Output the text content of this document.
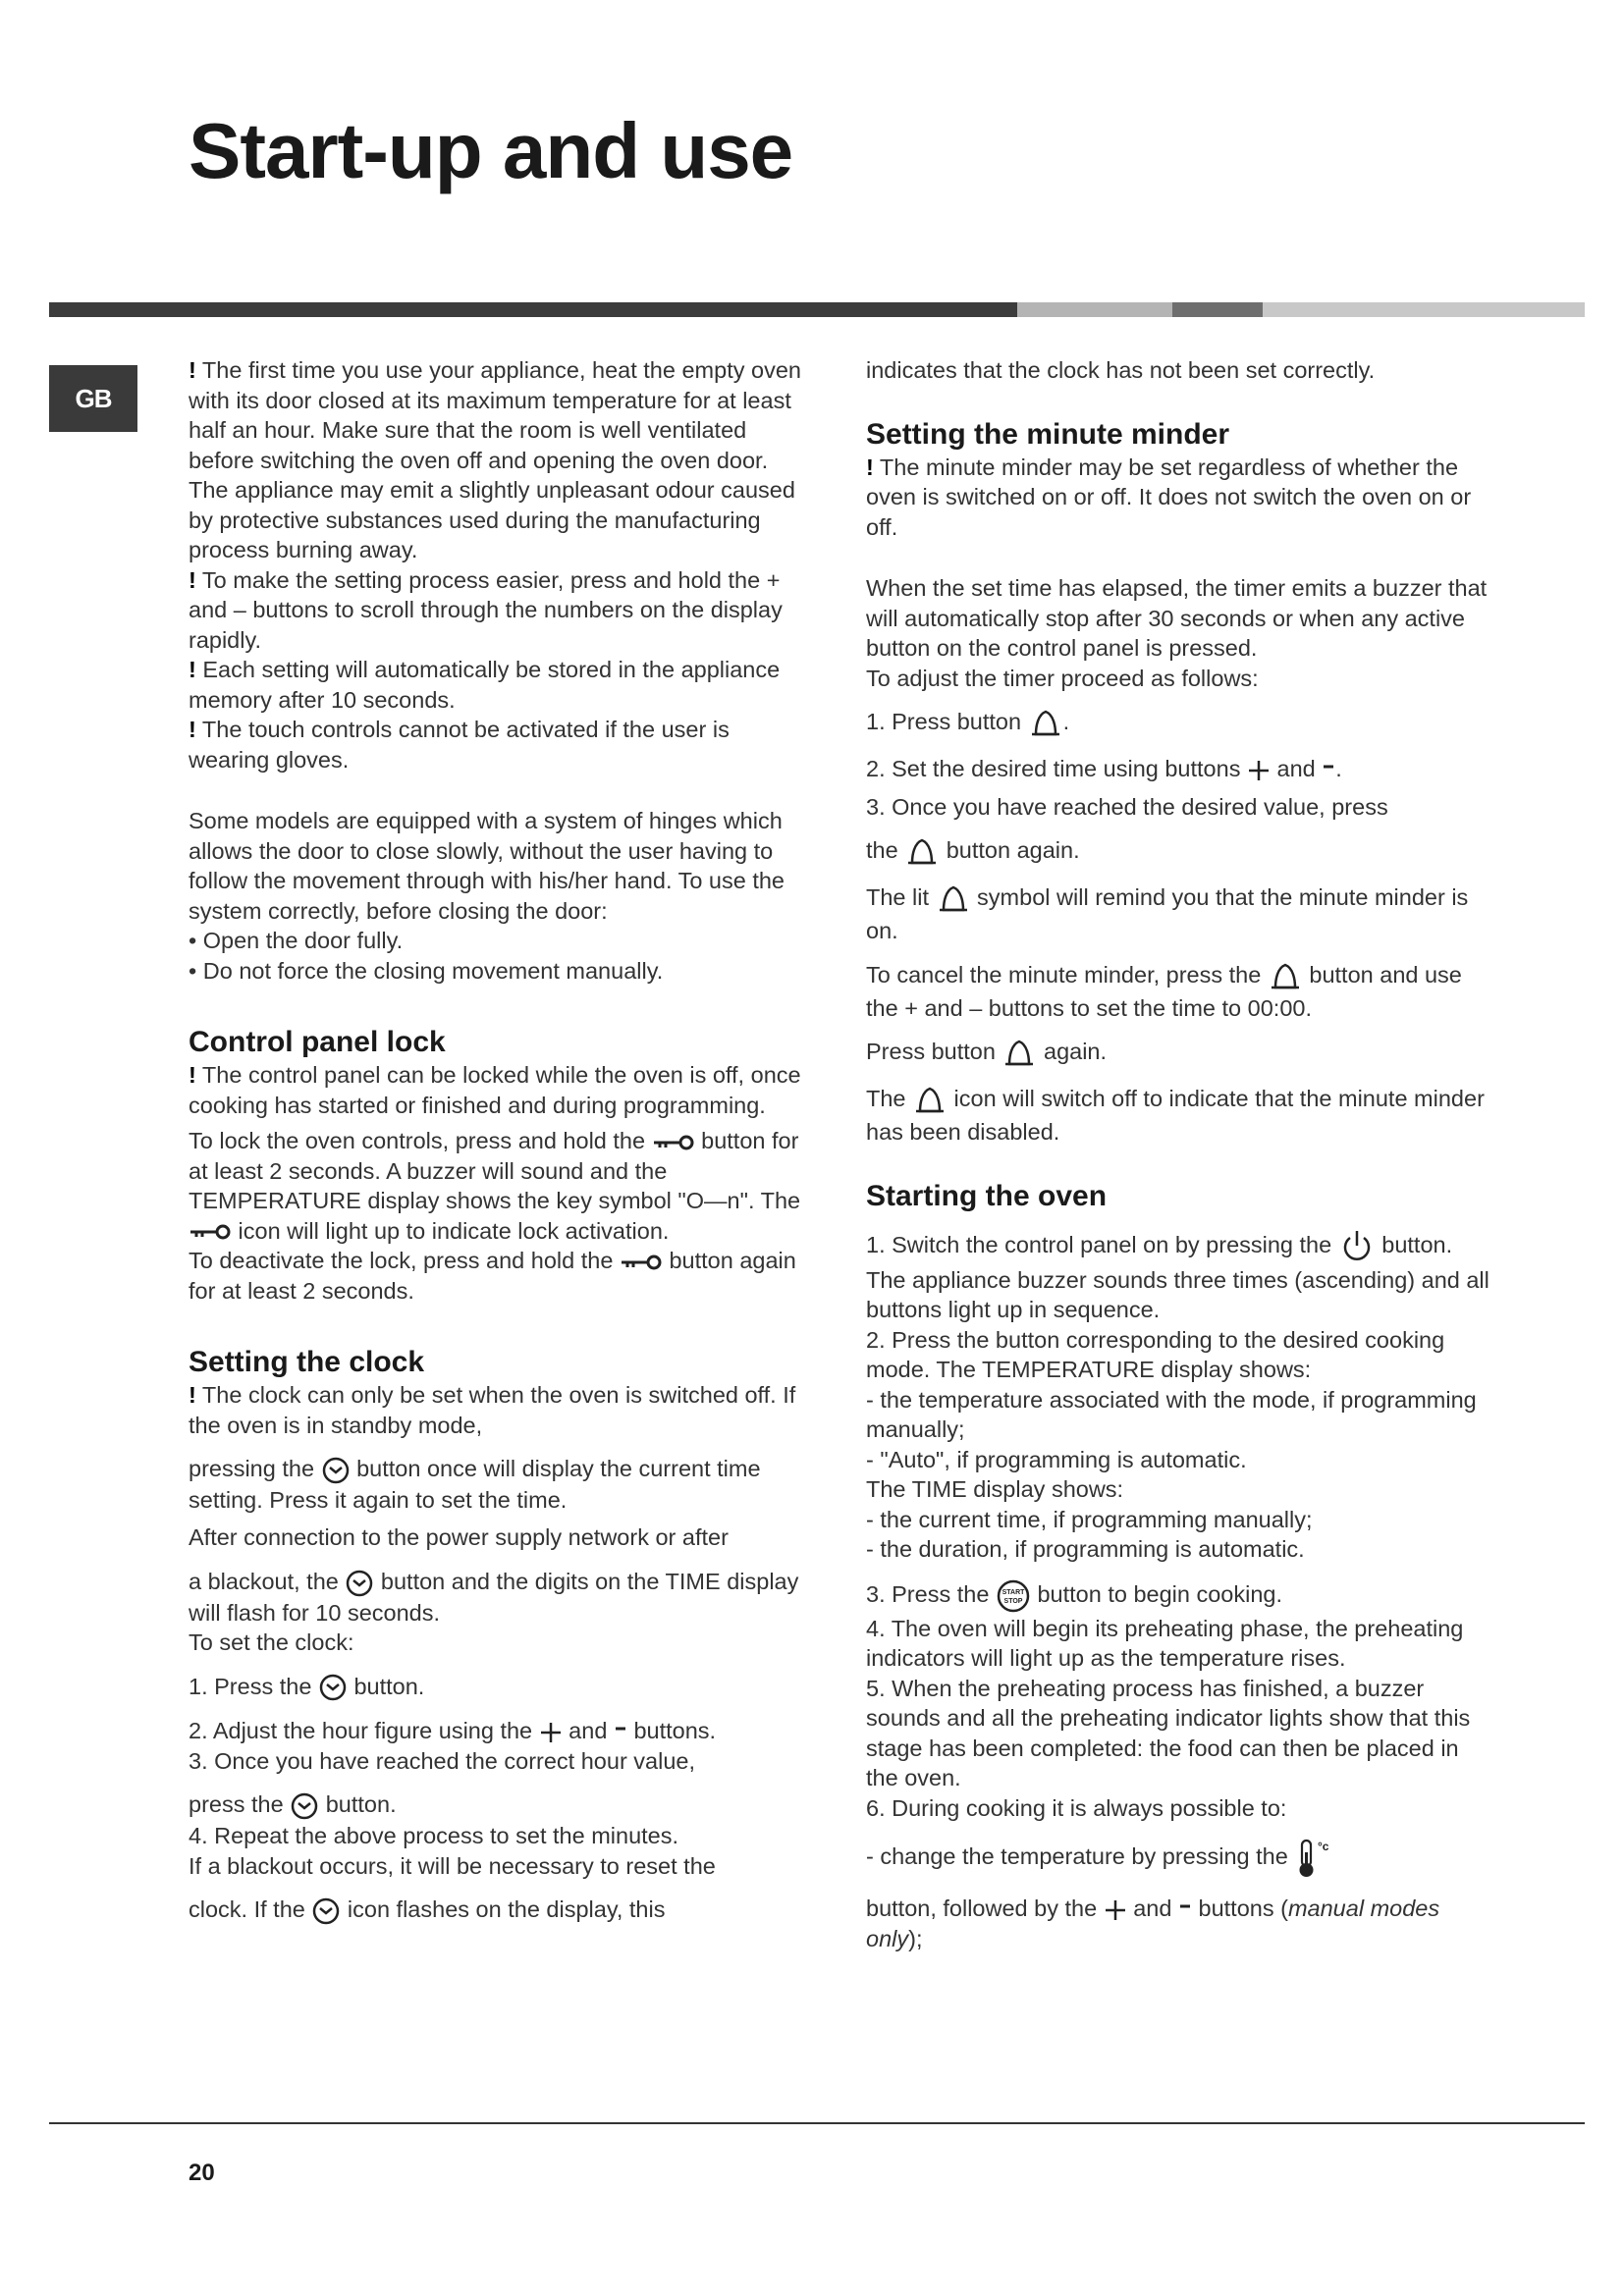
Start-up and use
GB

! The first time you use your appliance, heat the empty oven with its door closed at its maximum temperature for at least half an hour. Make sure that the room is well ventilated before switching the oven off and opening the oven door. The appliance may emit a slightly unpleasant odour caused by protective substances used during the manufacturing process burning away.

! To make the setting process easier, press and hold the + and – buttons to scroll through the numbers on the display rapidly.

! Each setting will automatically be stored in the appliance memory after 10 seconds.

! The touch controls cannot be activated if the user is wearing gloves.

Some models are equipped with a system of hinges which allows the door to close slowly, without the user having to follow the movement through with his/her hand. To use the system correctly, before closing the door:

• Open the door fully.

• Do not force the closing movement manually.

Control panel lock

! The control panel can be locked while the oven is off, once cooking has started or finished and during programming.

To lock the oven controls, press and hold the
button for at least 2 seconds. A buzzer will sound and the TEMPERATURE display shows the key symbol "O—n". The
icon will light up to indicate lock activation.

To deactivate the lock, press and hold the
button again for at least 2 seconds.

Setting the clock

! The clock can only be set when the oven is switched off. If the oven is in standby mode,

pressing the
button once will display the current time setting. Press it again to set the time.

After connection to the power supply network or after

a blackout, the
button and the digits on the TIME display will flash for 10 seconds.

To set the clock:

1. Press the
button.

2. Adjust the hour figure using the
and
buttons.

3. Once you have reached the correct hour value,

press the
button.

4. Repeat the above process to set the minutes.

If a blackout occurs, it will be necessary to reset the

clock. If the
icon flashes on the display, this

indicates that the clock has not been set correctly.

Setting the minute minder

! The minute minder may be set regardless of whether the oven is switched on or off. It does not switch the oven on or off.

When the set time has elapsed, the timer emits a buzzer that will automatically stop after 30 seconds or when any active button on the control panel is pressed.

To adjust the timer proceed as follows:

1. Press button
.

2. Set the desired time using buttons
and
.

3. Once you have reached the desired value, press

the
button again.

The lit
symbol will remind you that the minute minder is on.

To cancel the minute minder, press the
button and use the + and – buttons to set the time to 00:00.

Press button
again.

The
icon will switch off to indicate that the minute minder has been disabled.

Starting the oven

1. Switch the control panel on by pressing the
button. The appliance buzzer sounds three times (ascending) and all buttons light up in sequence.

2. Press the button corresponding to the desired cooking mode. The TEMPERATURE display shows:

- the temperature associated with the mode, if programming manually;

- "Auto", if programming is automatic.

The TIME display shows:

- the current time, if programming manually;

- the duration, if programming is automatic.

3. Press the START
STOP button to begin cooking.

4. The oven will begin its preheating phase, the preheating indicators will light up as the temperature rises.

5. When the preheating process has finished, a buzzer sounds and all the preheating indicator lights show that this stage has been completed: the food can then be placed in the oven.

6. During cooking it is always possible to:

- change the temperature by pressing the °c

button, followed by the
and
buttons (manual modes only);

20
